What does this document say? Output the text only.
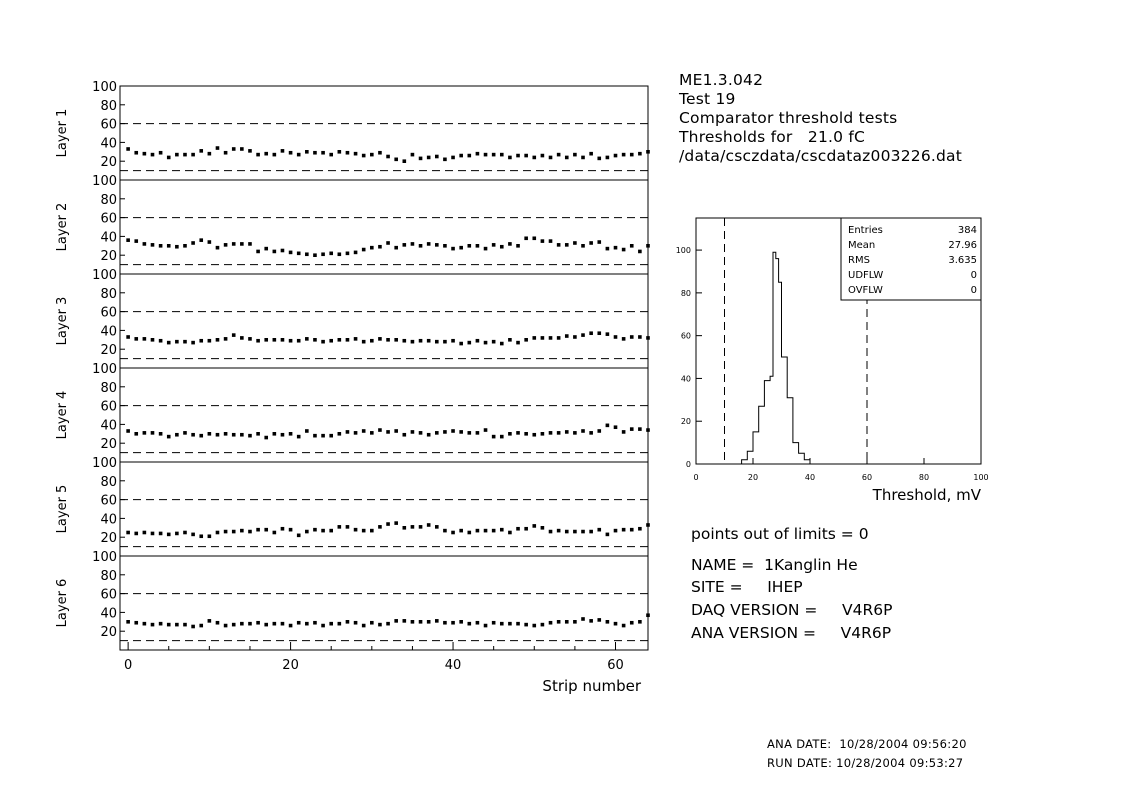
ME1.3.042
Test 19
Comparator threshold tests
Thresholds for   21.0 fC
/data/csczdata/cscdataz003226.dat
20
40
60
80
100
Layer 1
20
40
60
80
100
Layer 2
20
40
60
80
100
Layer 3
20
40
60
80
100
Layer 4
20
40
60
80
100
Layer 5
20
40
60
80
100
Layer 6
0	20	40	60
Strip number
0
20
40
60
80
100
0	20	40	60	80	100
Entries	384
Mean	27.96
RMS	3.635
UDFLW	0
OVFLW	0
Threshold, mV
points out of limits = 0
NAME =  1Kanglin He
SITE =     IHEP
DAQ VERSION =     V4R6P
ANA VERSION =     V4R6P
ANA DATE:  10/28/2004 09:56:20
RUN DATE: 10/28/2004 09:53:27
